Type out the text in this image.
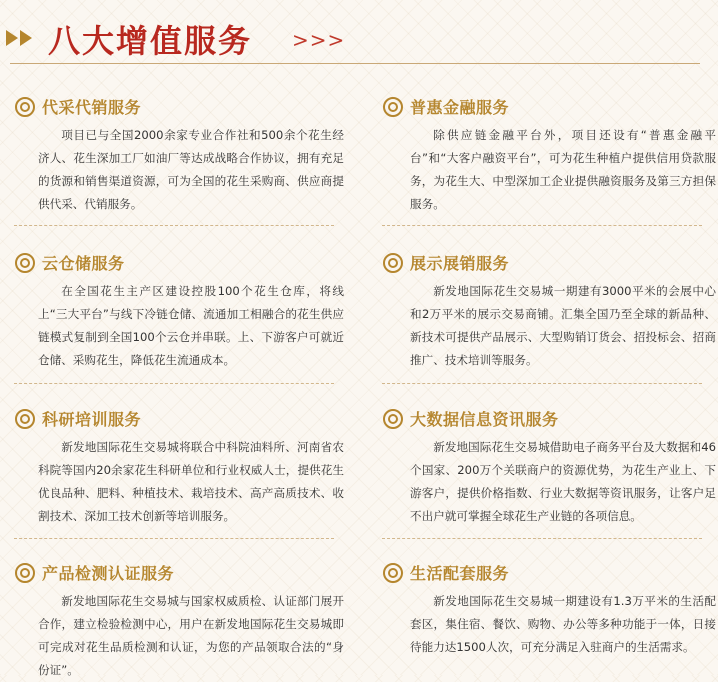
八大增值服务 >>>
代采代销服务
项目已与全国2000余家专业合作社和500余个花生经济人、花生深加工厂如油厂等达成战略合作协议，拥有充足的货源和销售渠道资源，可为全国的花生采购商、供应商提供代采、代销服务。
普惠金融服务
除供应链金融平台外，项目还设有“普惠金融平台”和“大客户融资平台”，可为花生种植户提供信用贷款服务，为花生大、中型深加工企业提供融资服务及第三方担保服务。
云仓储服务
在全国花生主产区建设控股100个花生仓库，将线上“三大平台”与线下冷链仓储、流通加工相融合的花生供应链模式复制到全国100个云仓并串联。上、下游客户可就近仓储、采购花生，降低花生流通成本。
展示展销服务
新发地国际花生交易城一期建有3000平米的会展中心和2万平米的展示交易商铺。汇集全国乃至全球的新品种、新技术可提供产品展示、大型购销订货会、招投标会、招商推广、技术培训等服务。
科研培训服务
新发地国际花生交易城将联合中科院油料所、河南省农科院等国内20余家花生科研单位和行业权威人士，提供花生优良品种、肥料、种植技术、栽培技术、高产高质技术、收割技术、深加工技术创新等培训服务。
大数据信息资讯服务
新发地国际花生交易城借助电子商务平台及大数据和46个国家、200万个关联商户的资源优势，为花生产业上、下游客户，提供价格指数、行业大数据等资讯服务，让客户足不出户就可掌握全球花生产业链的各项信息。
产品检测认证服务
新发地国际花生交易城与国家权威质检、认证部门展开合作，建立检验检测中心，用户在新发地国际花生交易城即可完成对花生品质检测和认证，为您的产品领取合法的“身份证”。
生活配套服务
新发地国际花生交易城一期建设有1.3万平米的生活配套区，集住宿、餐饮、购物、办公等多种功能于一体，日接待能力达1500人次，可充分满足入驻商户的生活需求。
